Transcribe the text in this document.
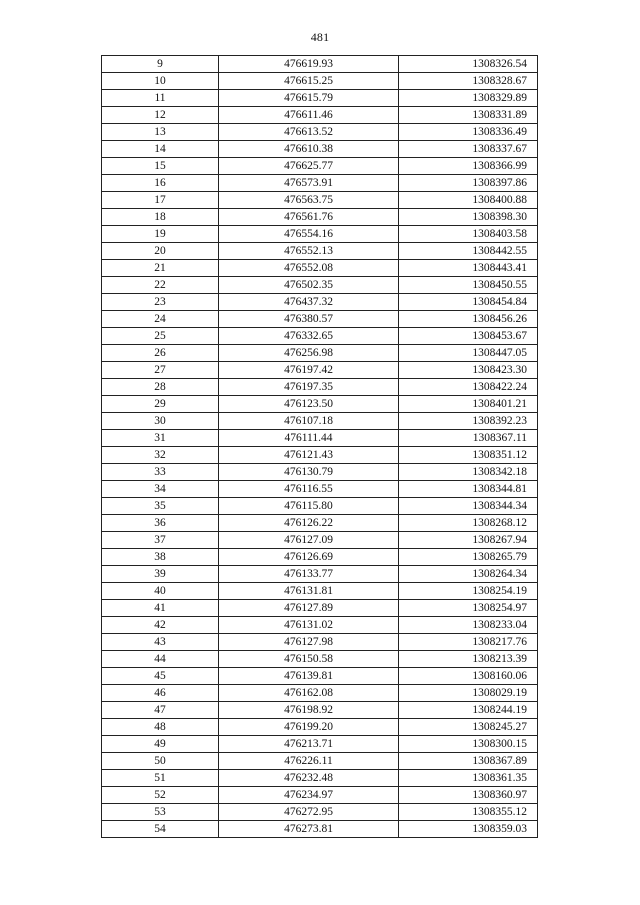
481
9	476619.93	1308326.54
10	476615.25	1308328.67
11	476615.79	1308329.89
12	476611.46	1308331.89
13	476613.52	1308336.49
14	476610.38	1308337.67
15	476625.77	1308366.99
16	476573.91	1308397.86
17	476563.75	1308400.88
18	476561.76	1308398.30
19	476554.16	1308403.58
20	476552.13	1308442.55
21	476552.08	1308443.41
22	476502.35	1308450.55
23	476437.32	1308454.84
24	476380.57	1308456.26
25	476332.65	1308453.67
26	476256.98	1308447.05
27	476197.42	1308423.30
28	476197.35	1308422.24
29	476123.50	1308401.21
30	476107.18	1308392.23
31	476111.44	1308367.11
32	476121.43	1308351.12
33	476130.79	1308342.18
34	476116.55	1308344.81
35	476115.80	1308344.34
36	476126.22	1308268.12
37	476127.09	1308267.94
38	476126.69	1308265.79
39	476133.77	1308264.34
40	476131.81	1308254.19
41	476127.89	1308254.97
42	476131.02	1308233.04
43	476127.98	1308217.76
44	476150.58	1308213.39
45	476139.81	1308160.06
46	476162.08	1308029.19
47	476198.92	1308244.19
48	476199.20	1308245.27
49	476213.71	1308300.15
50	476226.11	1308367.89
51	476232.48	1308361.35
52	476234.97	1308360.97
53	476272.95	1308355.12
54	476273.81	1308359.03
